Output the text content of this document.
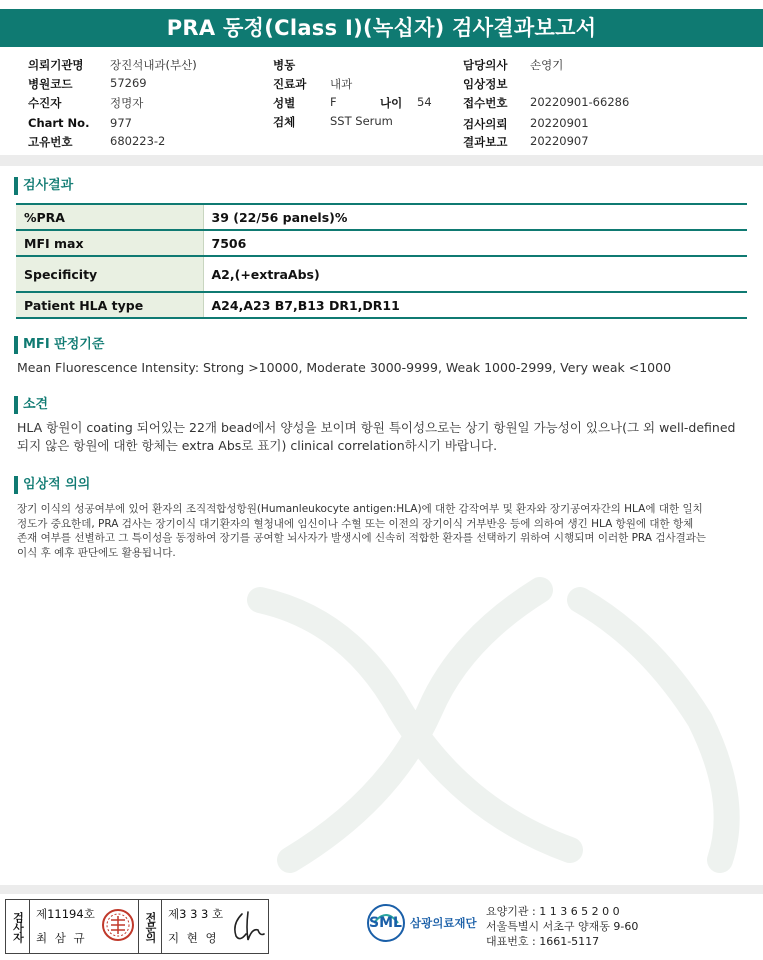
PRA 동정(Class I)(녹십자) 검사결과보고서
의뢰기관명 장진석내과(부산)
병원코드	57269
수진자	정명자
Chart No. 977
고유번호	680223-2
병동
진료과 내과
성별	F	나이 54
검체	SST Serum
담당의사 손영기
임상정보
접수번호 20220901-66286
검사의뢰 20220901
결과보고 20220907
검사결과
%PRA	39 (22/56 panels)%
MFI max	7506
Specificity	A2,(+extraAbs)
Patient HLA type	A24,A23 B7,B13 DR1,DR11
MFI 판정기준
Mean Fluorescence Intensity: Strong >10000, Moderate 3000-9999, Weak 1000-2999, Very weak <1000
소견
HLA 항원이 coating 되어있는 22개 bead에서 양성을 보이며 항원 특이성으로는 상기 항원일 가능성이 있으나(그 외 well-defined
되지 않은 항원에 대한 항체는 extra Abs로 표기) clinical correlation하시기 바랍니다.
임상적 의의
장기 이식의 성공여부에 있어 환자의 조직적합성항원(Humanleukocyte antigen:HLA)에 대한 감작여부 및 환자와 장기공여자간의 HLA에 대한 일치
정도가 중요한데, PRA 검사는 장기이식 대기환자의 혈청내에 임신이나 수혈 또는 이전의 장기이식 거부반응 등에 의하여 생긴 HLA 항원에 대한 항체
존재 여부를 선별하고 그 특이성을 동정하여 장기를 공여할 뇌사자가 발생시에 신속히 적합한 환자를 선택하기 위하여 시행되며 이러한 PRA 검사결과는
이식 후 예후 판단에도 활용됩니다.
검사자	제11194호
최 삼 규	전문의 제3 3 3 호
지 현 영
SML 삼광의료재단
요양기관 : 1 1 3 6 5 2 0 0
서울특별시 서초구 양재동 9-60
대표번호 : 1661-5117
